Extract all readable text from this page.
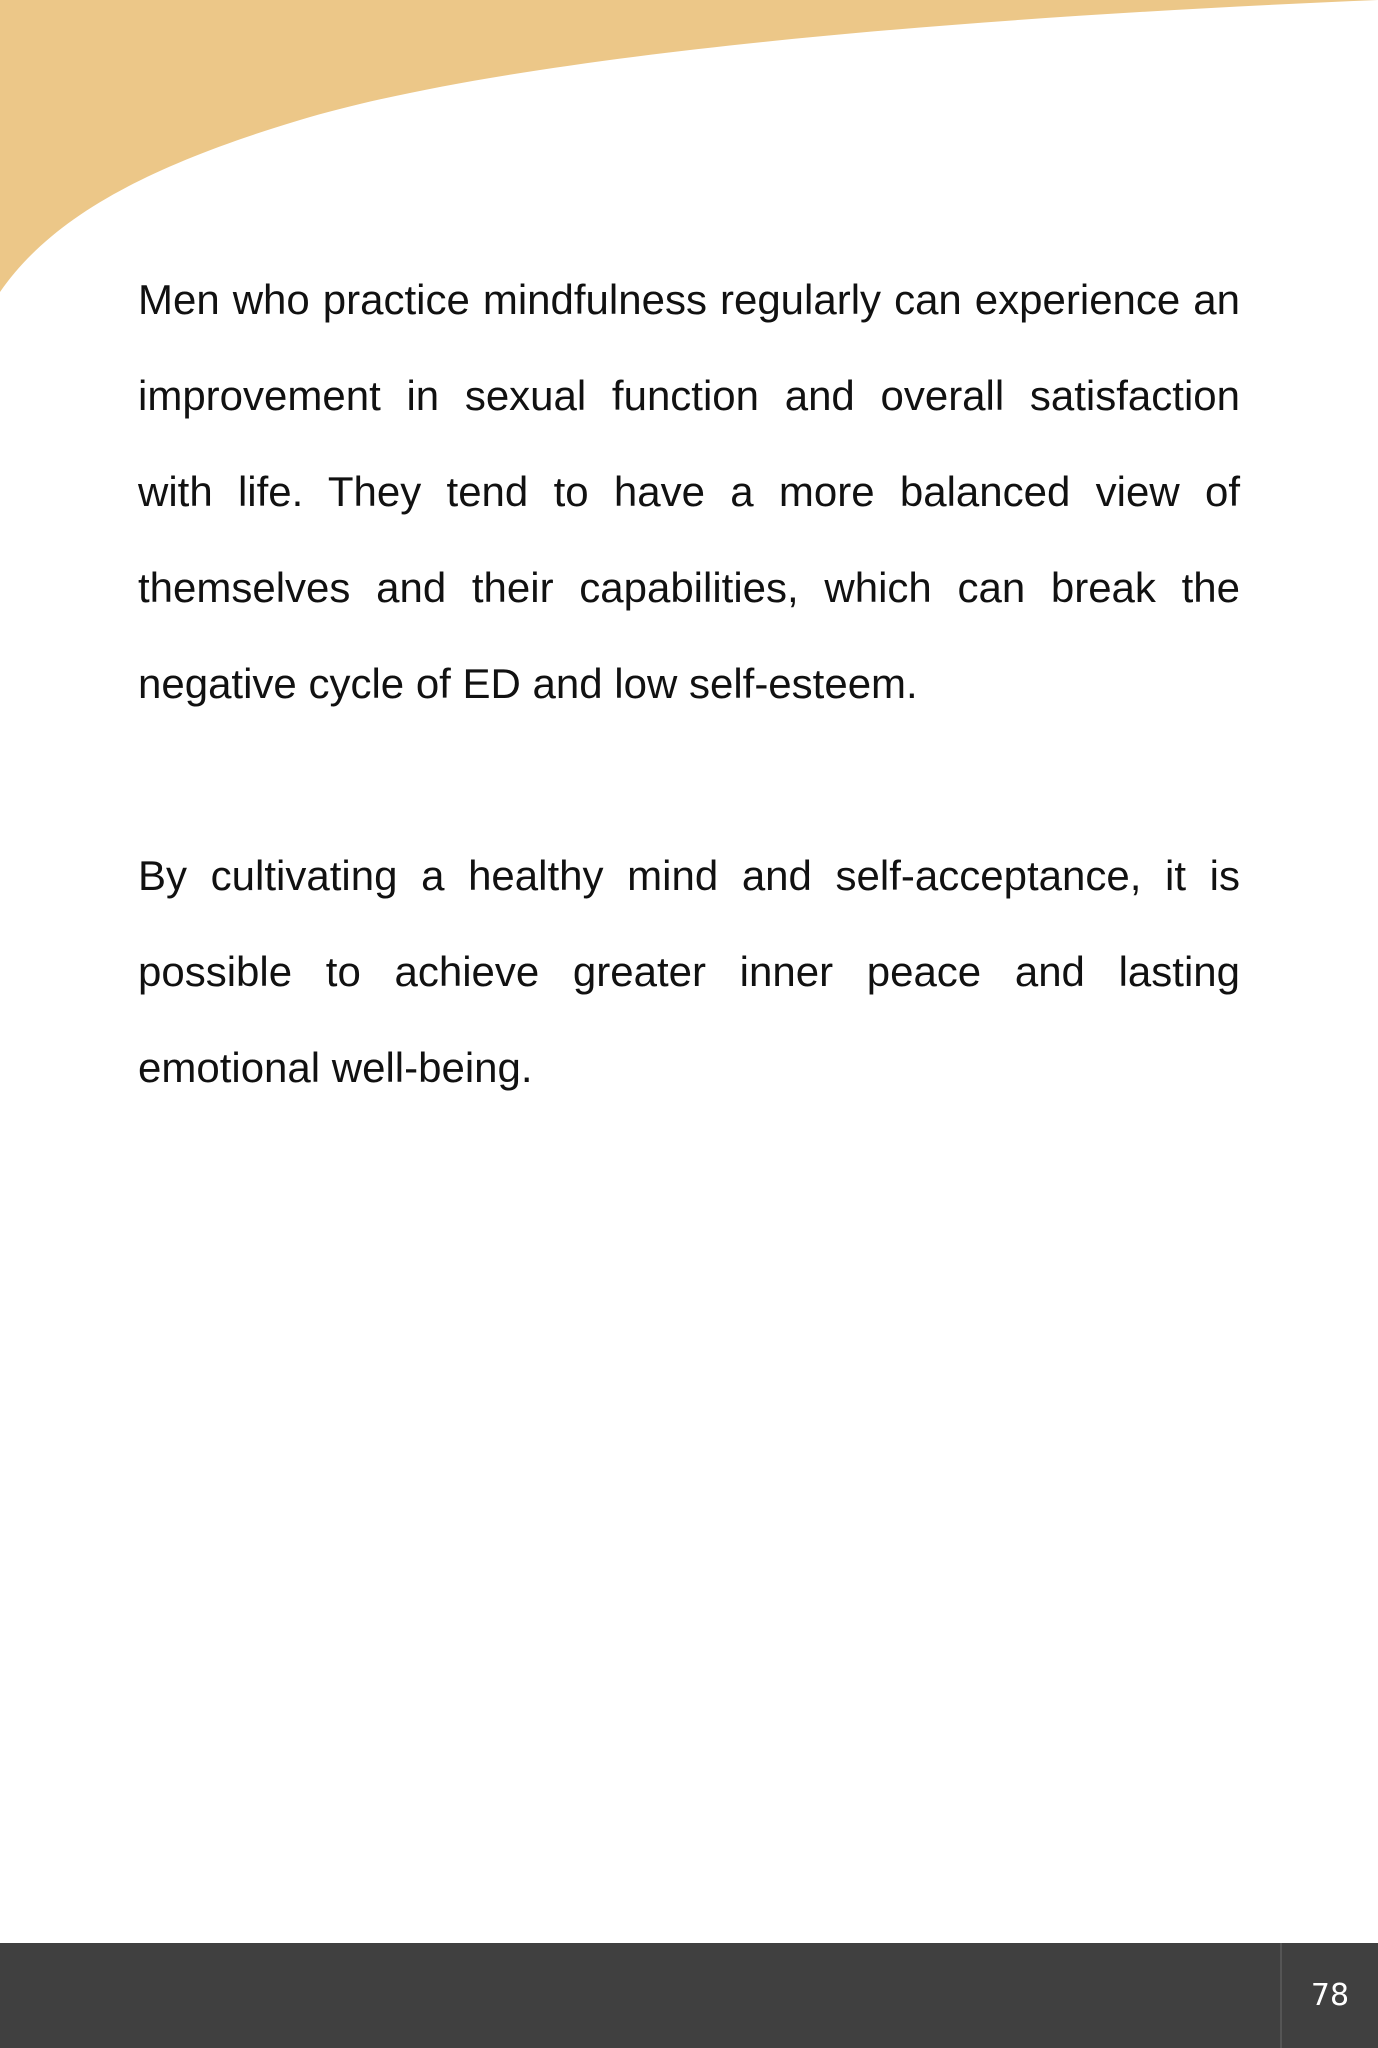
Men who practice mindfulness regularly can experience an improvement in sexual function and overall satisfaction with life. They tend to have a more balanced view of themselves and their capabilities, which can break the negative cycle of ED and low self-esteem.

By cultivating a healthy mind and self-acceptance, it is possible to achieve greater inner peace and lasting emotional well-being.

78
